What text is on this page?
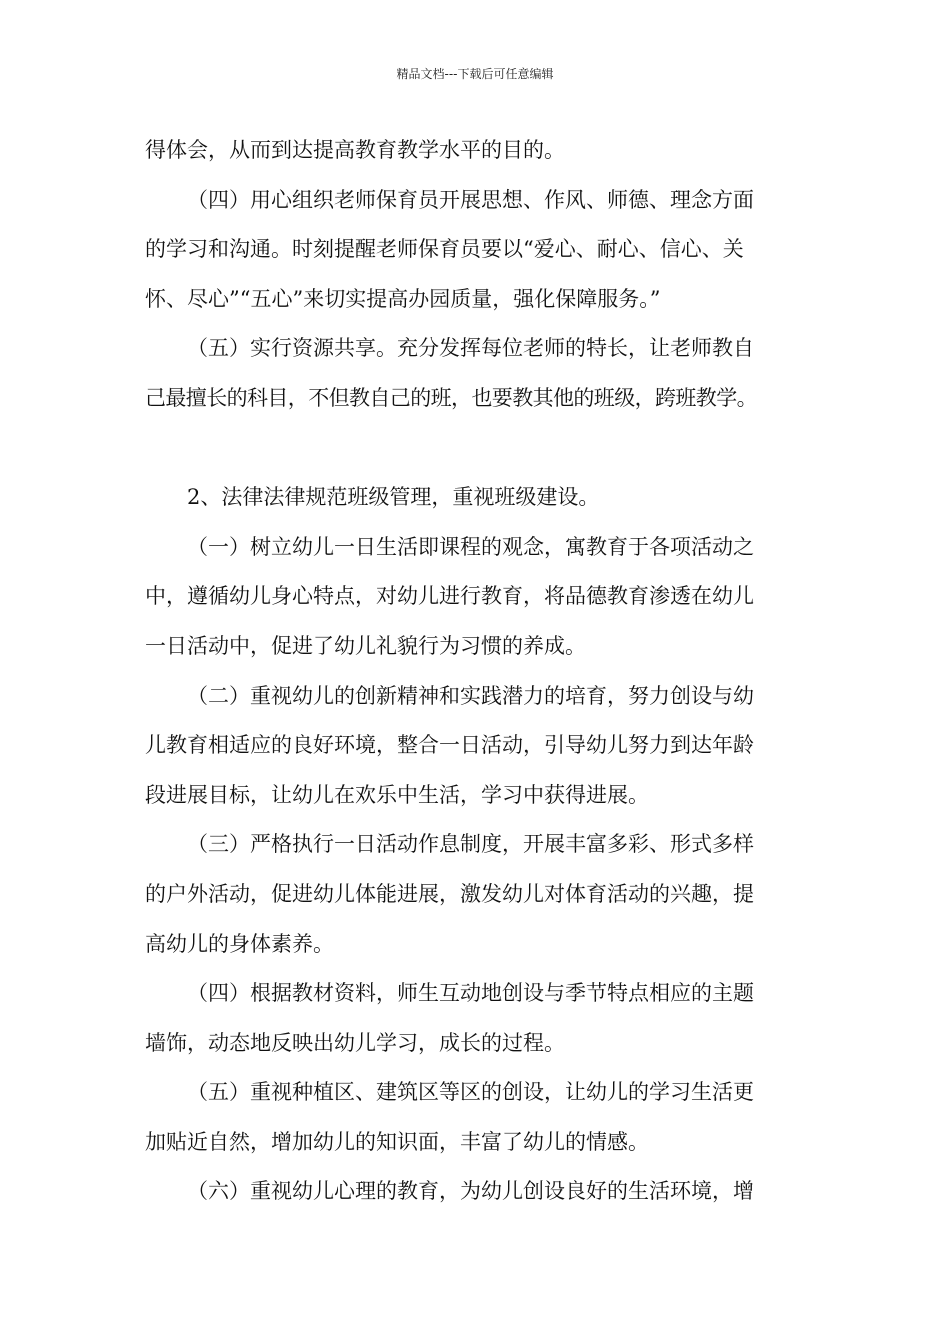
精品文档---下载后可任意编辑
得体会，从而到达提高教育教学水平的目的。
（四）用心组织老师保育员开展思想、作风、师德、理念方面
的学习和沟通。时刻提醒老师保育员要以“爱心、耐心、信心、关
怀、尽心”“五心”来切实提高办园质量，强化保障服务。”
（五）实行资源共享。充分发挥每位老师的特长，让老师教自
己最擅长的科目，不但教自己的班，也要教其他的班级，跨班教学。
2、法律法律规范班级管理，重视班级建设。
（一）树立幼儿一日生活即课程的观念，寓教育于各项活动之
中，遵循幼儿身心特点，对幼儿进行教育，将品德教育渗透在幼儿
一日活动中，促进了幼儿礼貌行为习惯的养成。
（二）重视幼儿的创新精神和实践潜力的培育，努力创设与幼
儿教育相适应的良好环境，整合一日活动，引导幼儿努力到达年龄
段进展目标，让幼儿在欢乐中生活，学习中获得进展。
（三）严格执行一日活动作息制度，开展丰富多彩、形式多样
的户外活动，促进幼儿体能进展，激发幼儿对体育活动的兴趣，提
高幼儿的身体素养。
（四）根据教材资料，师生互动地创设与季节特点相应的主题
墙饰，动态地反映出幼儿学习，成长的过程。
（五）重视种植区、建筑区等区的创设，让幼儿的学习生活更
加贴近自然，增加幼儿的知识面，丰富了幼儿的情感。
（六）重视幼儿心理的教育，为幼儿创设良好的生活环境，增
